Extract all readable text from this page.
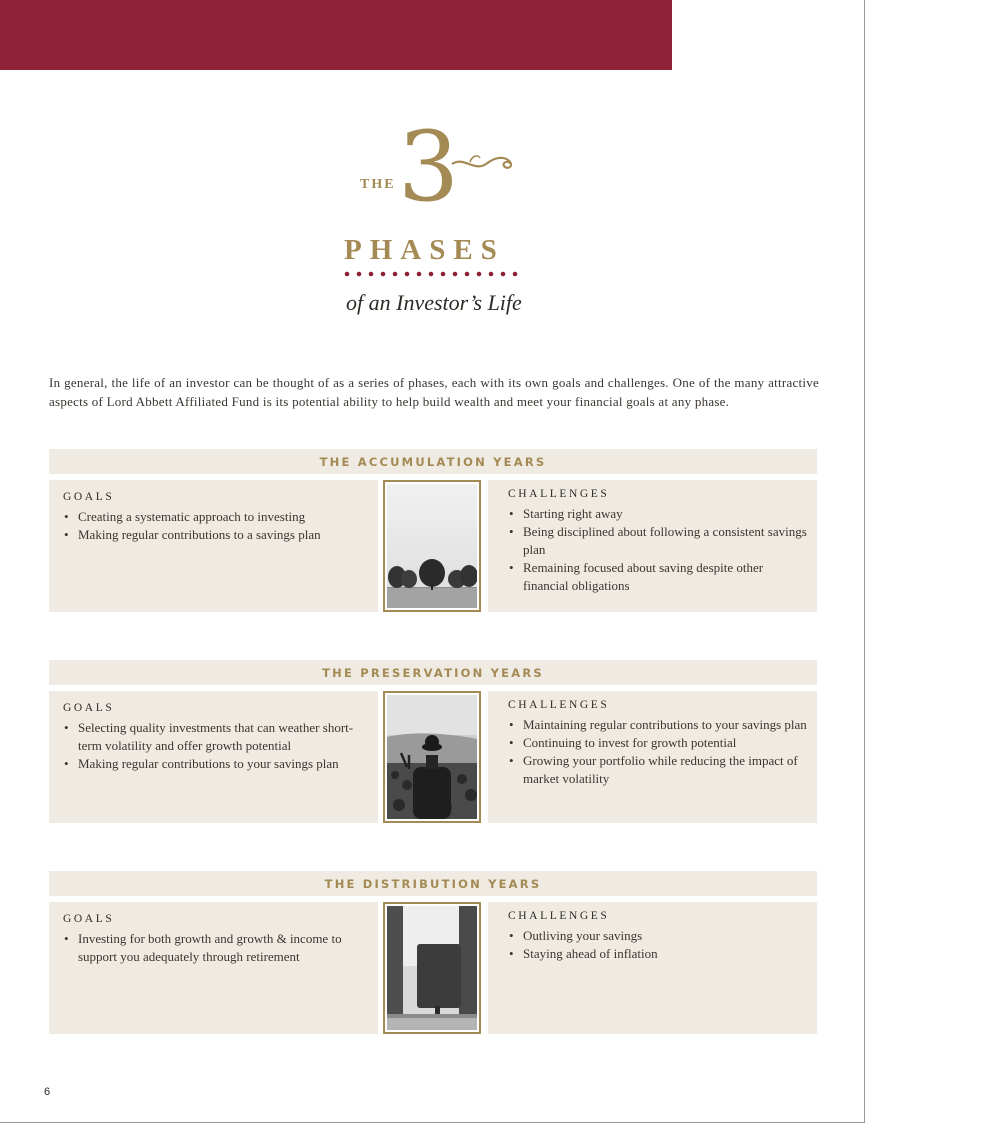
THE 3
PHASES
of an Investor’s Life

In general, the life of an investor can be thought of as a series of phases, each with its own goals and challenges. One of the many attractive aspects of Lord Abbett Affiliated Fund is its potential ability to help build wealth and meet your financial goals at any phase.

THE ACCUMULATION YEARS
GOALS
• Creating a systematic approach to investing
• Making regular contributions to a savings plan
CHALLENGES
• Starting right away
• Being disciplined about following a consistent savings plan
• Remaining focused about saving despite other financial obligations
THE PRESERVATION YEARS
GOALS
• Selecting quality investments that can weather short-term volatility and offer growth potential
• Making regular contributions to your savings plan
CHALLENGES
• Maintaining regular contributions to your savings plan
• Continuing to invest for growth potential
• Growing your portfolio while reducing the impact of market volatility
THE DISTRIBUTION YEARS
GOALS
• Investing for both growth and growth & income to support you adequately through retirement
CHALLENGES
• Outliving your savings
• Staying ahead of inflation
6
